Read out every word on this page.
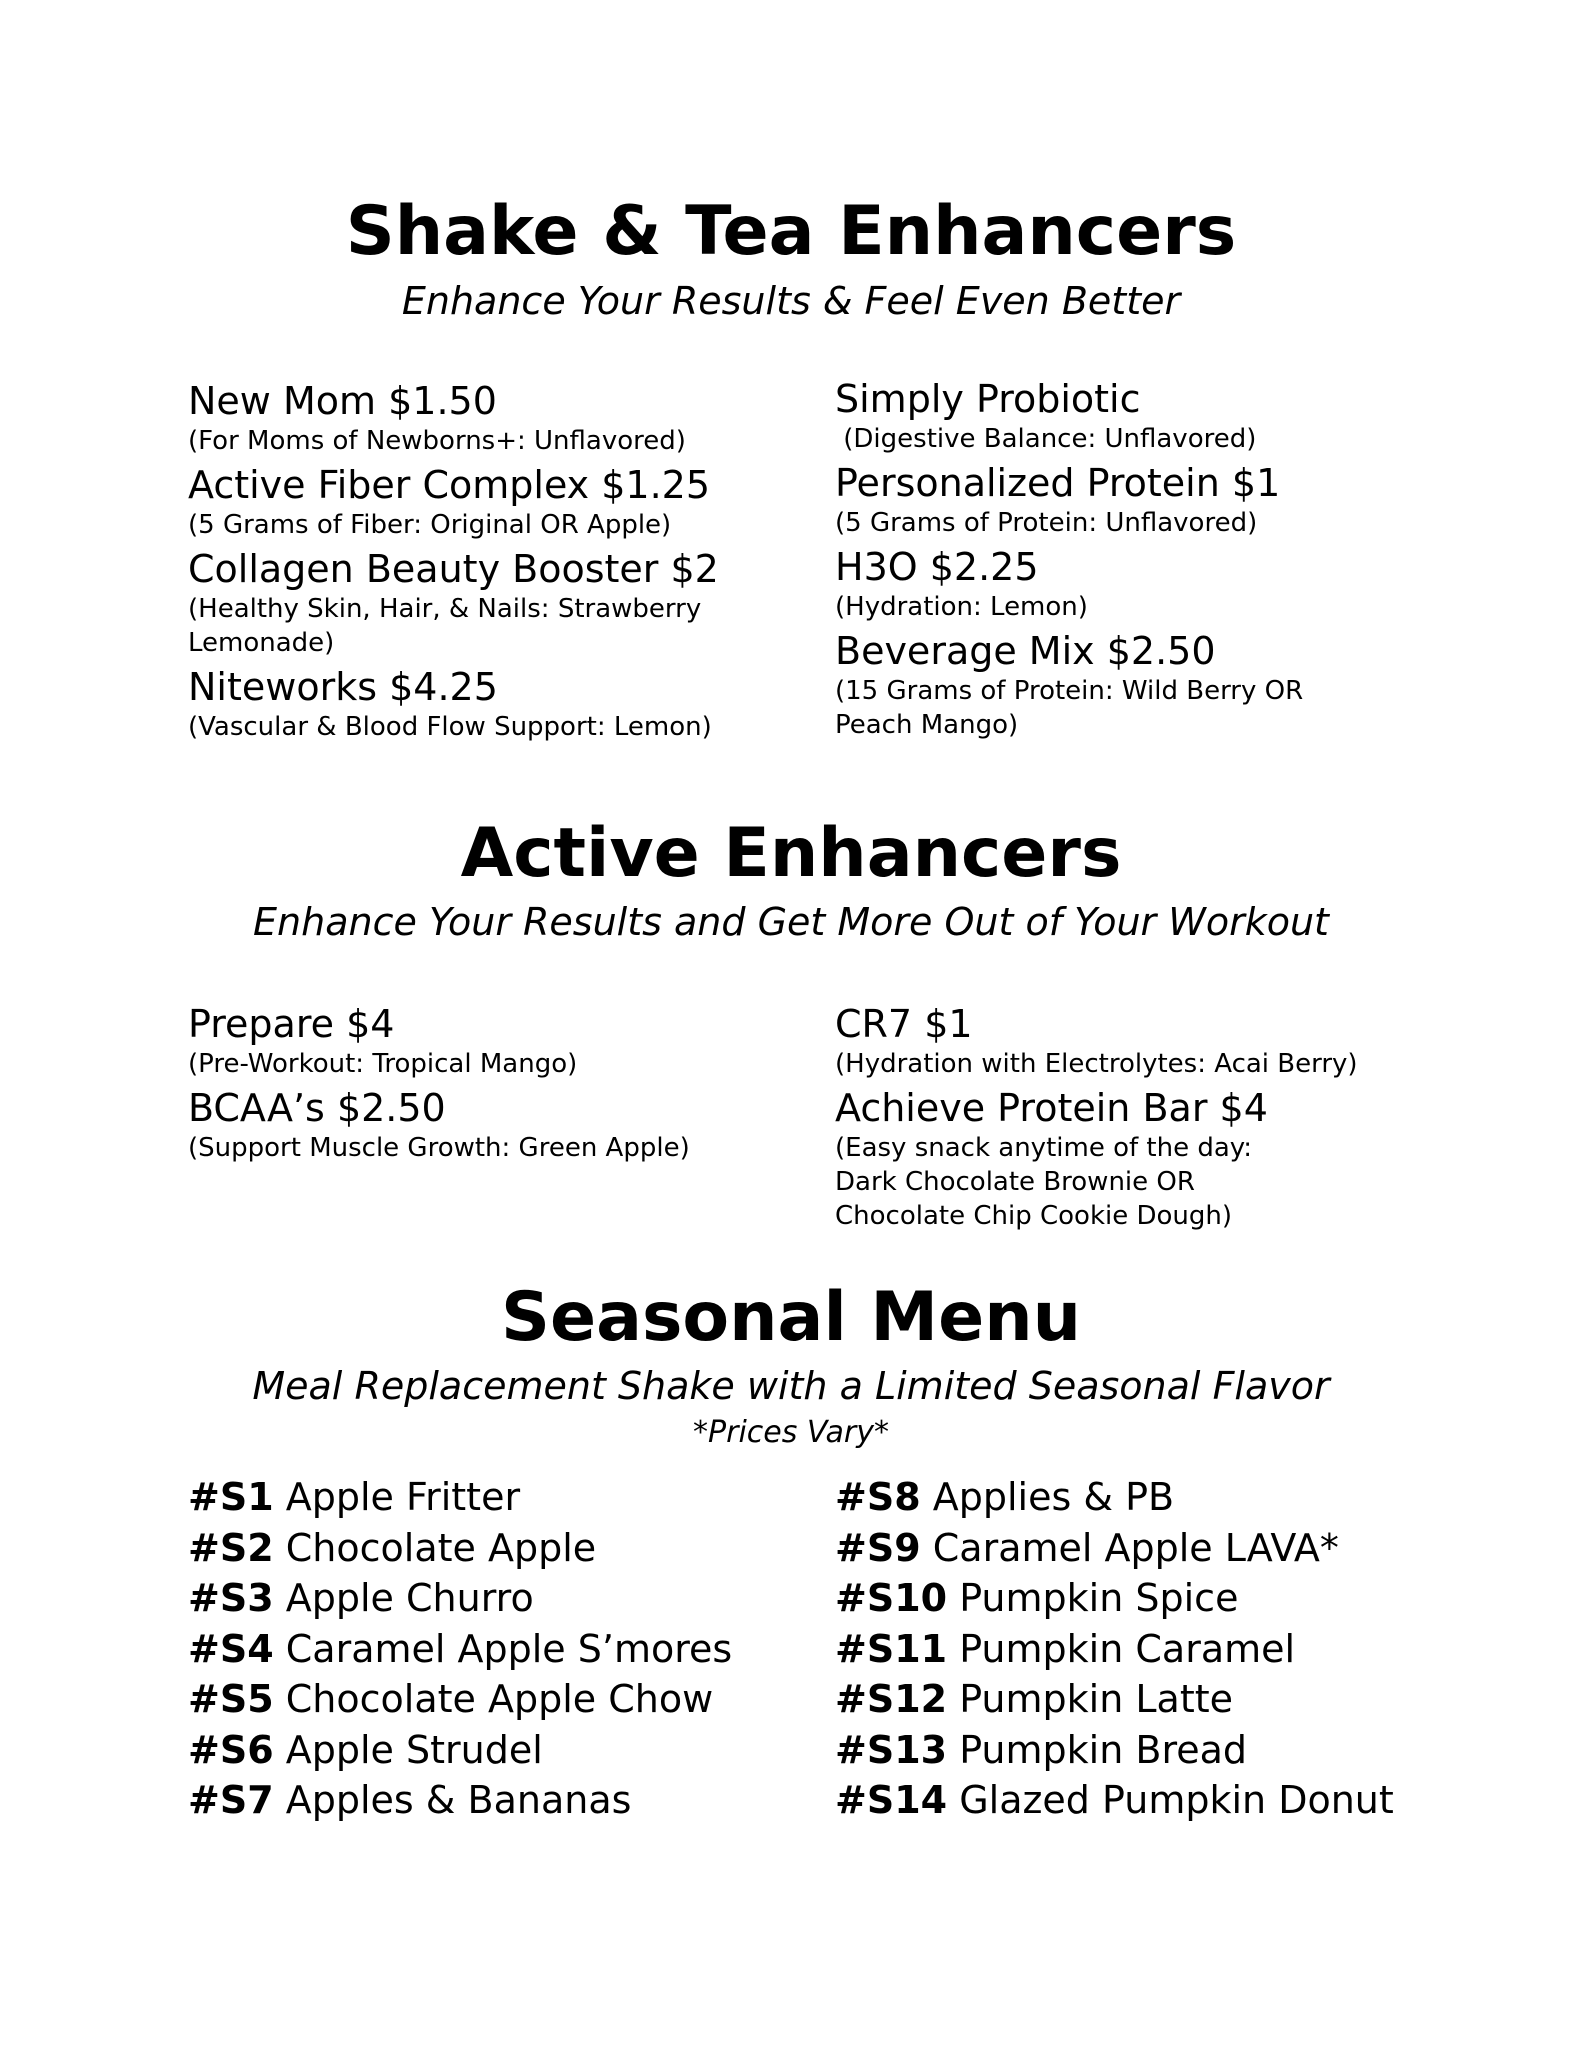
Shake & Tea Enhancers
Enhance Your Results & Feel Even Better
New Mom $1.50
(For Moms of Newborns+: Unflavored)
Active Fiber Complex $1.25
(5 Grams of Fiber: Original OR Apple)
Collagen Beauty Booster $2
(Healthy Skin, Hair, & Nails: Strawberry Lemonade)
Niteworks $4.25
(Vascular & Blood Flow Support: Lemon)
Simply Probiotic
(Digestive Balance: Unflavored)
Personalized Protein $1
(5 Grams of Protein: Unflavored)
H3O $2.25
(Hydration: Lemon)
Beverage Mix $2.50
(15 Grams of Protein: Wild Berry OR Peach Mango)
Active Enhancers
Enhance Your Results and Get More Out of Your Workout
Prepare $4
(Pre-Workout: Tropical Mango)
BCAA’s $2.50
(Support Muscle Growth: Green Apple)
CR7 $1
(Hydration with Electrolytes: Acai Berry)
Achieve Protein Bar $4
(Easy snack anytime of the day: Dark Chocolate Brownie OR Chocolate Chip Cookie Dough)
Seasonal Menu
Meal Replacement Shake with a Limited Seasonal Flavor
*Prices Vary*
#S1 Apple Fritter
#S2 Chocolate Apple
#S3 Apple Churro
#S4 Caramel Apple S’mores
#S5 Chocolate Apple Chow
#S6 Apple Strudel
#S7 Apples & Bananas
#S8 Applies & PB
#S9 Caramel Apple LAVA*
#S10 Pumpkin Spice
#S11 Pumpkin Caramel
#S12 Pumpkin Latte
#S13 Pumpkin Bread
#S14 Glazed Pumpkin Donut
